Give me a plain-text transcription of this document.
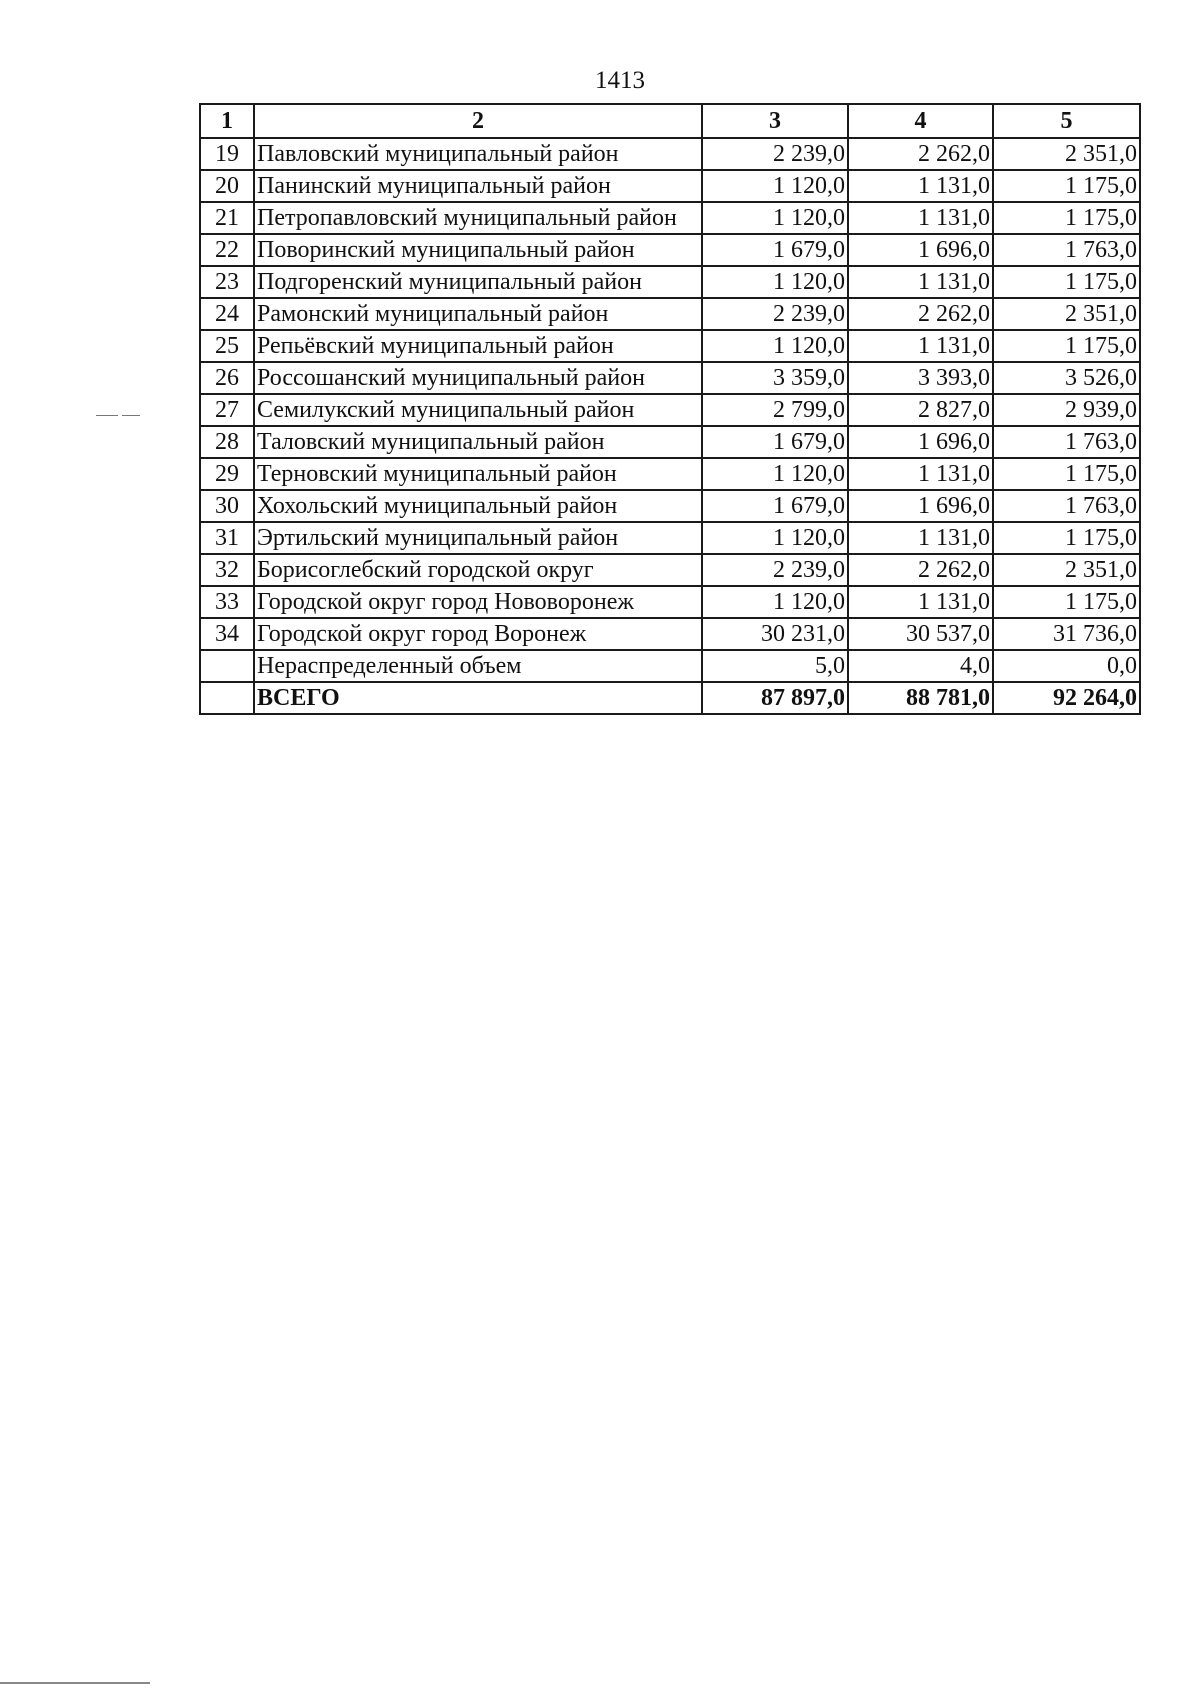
1413
1	2	3	4	5
19	Павловский муниципальный район	2 239,0	2 262,0	2 351,0
20	Панинский муниципальный район	1 120,0	1 131,0	1 175,0
21	Петропавловский муниципальный район	1 120,0	1 131,0	1 175,0
22	Поворинский муниципальный район	1 679,0	1 696,0	1 763,0
23	Подгоренский муниципальный район	1 120,0	1 131,0	1 175,0
24	Рамонский муниципальный район	2 239,0	2 262,0	2 351,0
25	Репьёвский муниципальный район	1 120,0	1 131,0	1 175,0
26	Россошанский муниципальный район	3 359,0	3 393,0	3 526,0
27	Семилукский муниципальный район	2 799,0	2 827,0	2 939,0
28	Таловский муниципальный район	1 679,0	1 696,0	1 763,0
29	Терновский муниципальный район	1 120,0	1 131,0	1 175,0
30	Хохольский муниципальный район	1 679,0	1 696,0	1 763,0
31	Эртильский муниципальный район	1 120,0	1 131,0	1 175,0
32	Борисоглебский городской округ	2 239,0	2 262,0	2 351,0
33	Городской округ город Нововоронеж	1 120,0	1 131,0	1 175,0
34	Городской округ город Воронеж	30 231,0	30 537,0	31 736,0
	Нераспределенный объем	5,0	4,0	0,0
	ВСЕГО	87 897,0	88 781,0	92 264,0
